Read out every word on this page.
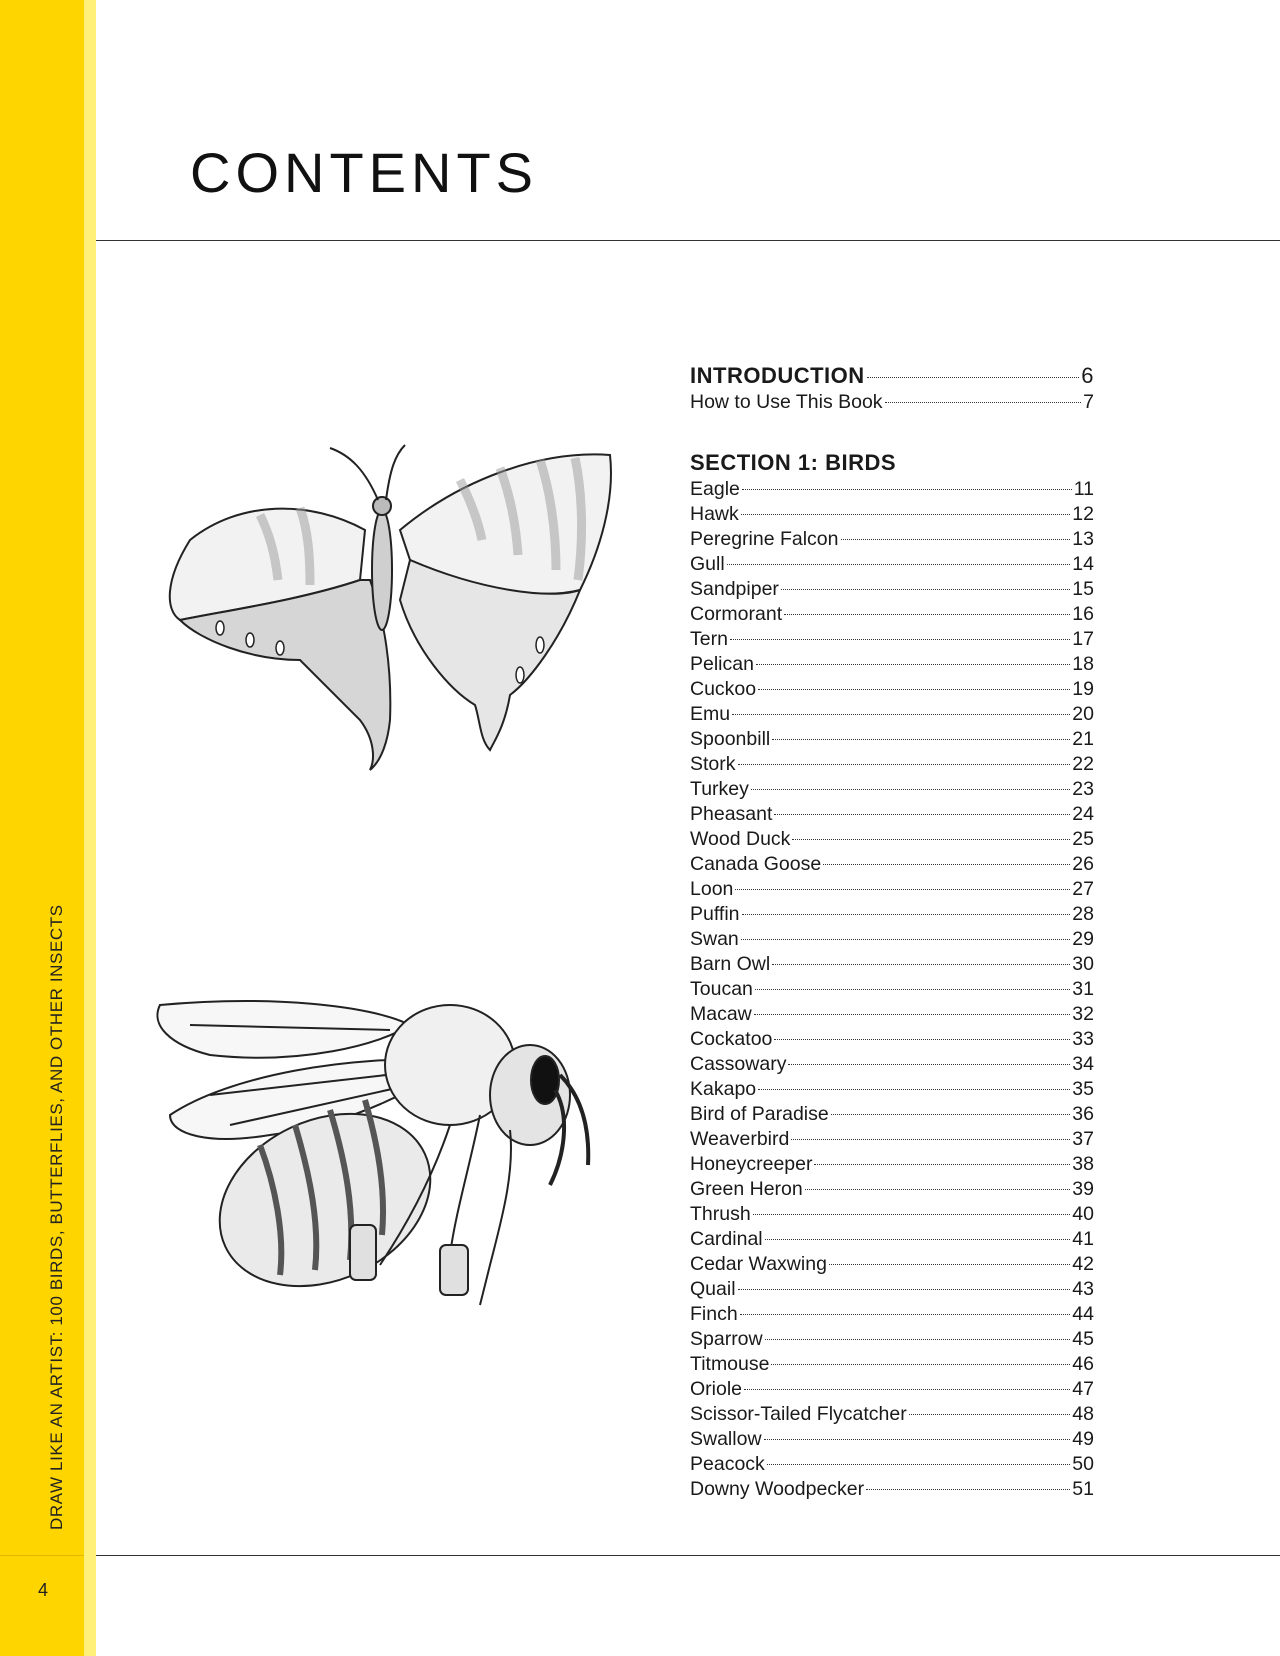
DRAW LIKE AN ARTIST: 100 BIRDS, BUTTERFLIES, AND OTHER INSECTS
4
CONTENTS
INTRODUCTION	6
How to Use This Book	7
SECTION 1: BIRDS
Eagle	11
Hawk	12
Peregrine Falcon	13
Gull	14
Sandpiper	15
Cormorant	16
Tern	17
Pelican	18
Cuckoo	19
Emu	20
Spoonbill	21
Stork	22
Turkey	23
Pheasant	24
Wood Duck	25
Canada Goose	26
Loon	27
Puffin	28
Swan	29
Barn Owl	30
Toucan	31
Macaw	32
Cockatoo	33
Cassowary	34
Kakapo	35
Bird of Paradise	36
Weaverbird	37
Honeycreeper	38
Green Heron	39
Thrush	40
Cardinal	41
Cedar Waxwing	42
Quail	43
Finch	44
Sparrow	45
Titmouse	46
Oriole	47
Scissor-Tailed Flycatcher	48
Swallow	49
Peacock	50
Downy Woodpecker	51
